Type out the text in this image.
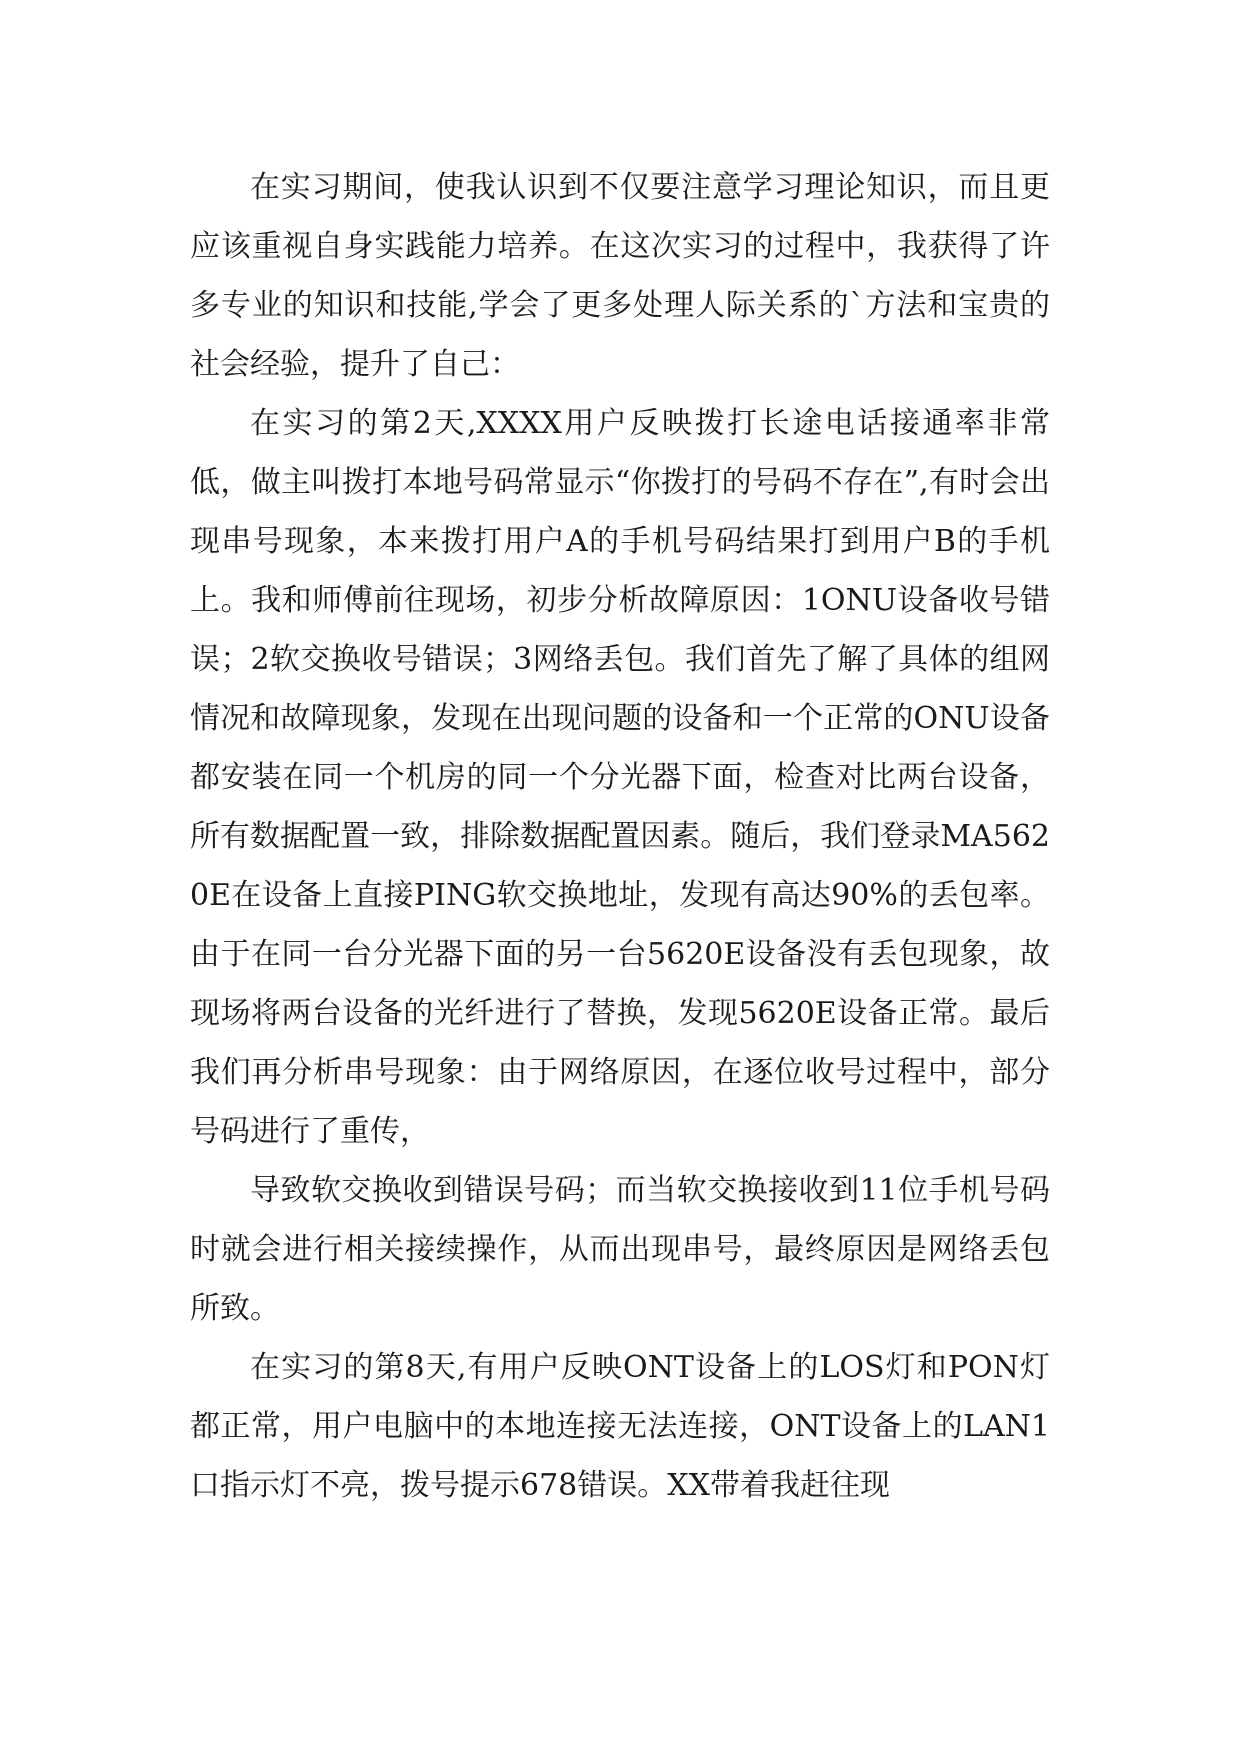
在实习期间，使我认识到不仅要注意学习理论知识，而且更应该重视自身实践能力培养。在这次实习的过程中，我获得了许多专业的知识和技能,学会了更多处理人际关系的`方法和宝贵的社会经验，提升了自己：

在实习的第2天,XXXX用户反映拨打长途电话接通率非常低，做主叫拨打本地号码常显示“你拨打的号码不存在”,有时会出现串号现象，本来拨打用户A的手机号码结果打到用户B的手机上。我和师傅前往现场，初步分析故障原因：1ONU设备收号错误；2软交换收号错误；3网络丢包。我们首先了解了具体的组网情况和故障现象，发现在出现问题的设备和一个正常的ONU设备都安装在同一个机房的同一个分光器下面，检查对比两台设备，所有数据配置一致，排除数据配置因素。随后，我们登录MA5620E在设备上直接PING软交换地址，发现有高达90%的丢包率。由于在同一台分光器下面的另一台5620E设备没有丢包现象，故现场将两台设备的光纤进行了替换，发现5620E设备正常。最后我们再分析串号现象：由于网络原因，在逐位收号过程中，部分号码进行了重传，

导致软交换收到错误号码；而当软交换接收到11位手机号码时就会进行相关接续操作，从而出现串号，最终原因是网络丢包所致。

在实习的第8天,有用户反映ONT设备上的LOS灯和PON灯都正常，用户电脑中的本地连接无法连接，ONT设备上的LAN1口指示灯不亮，拨号提示678错误。XX带着我赶往现
